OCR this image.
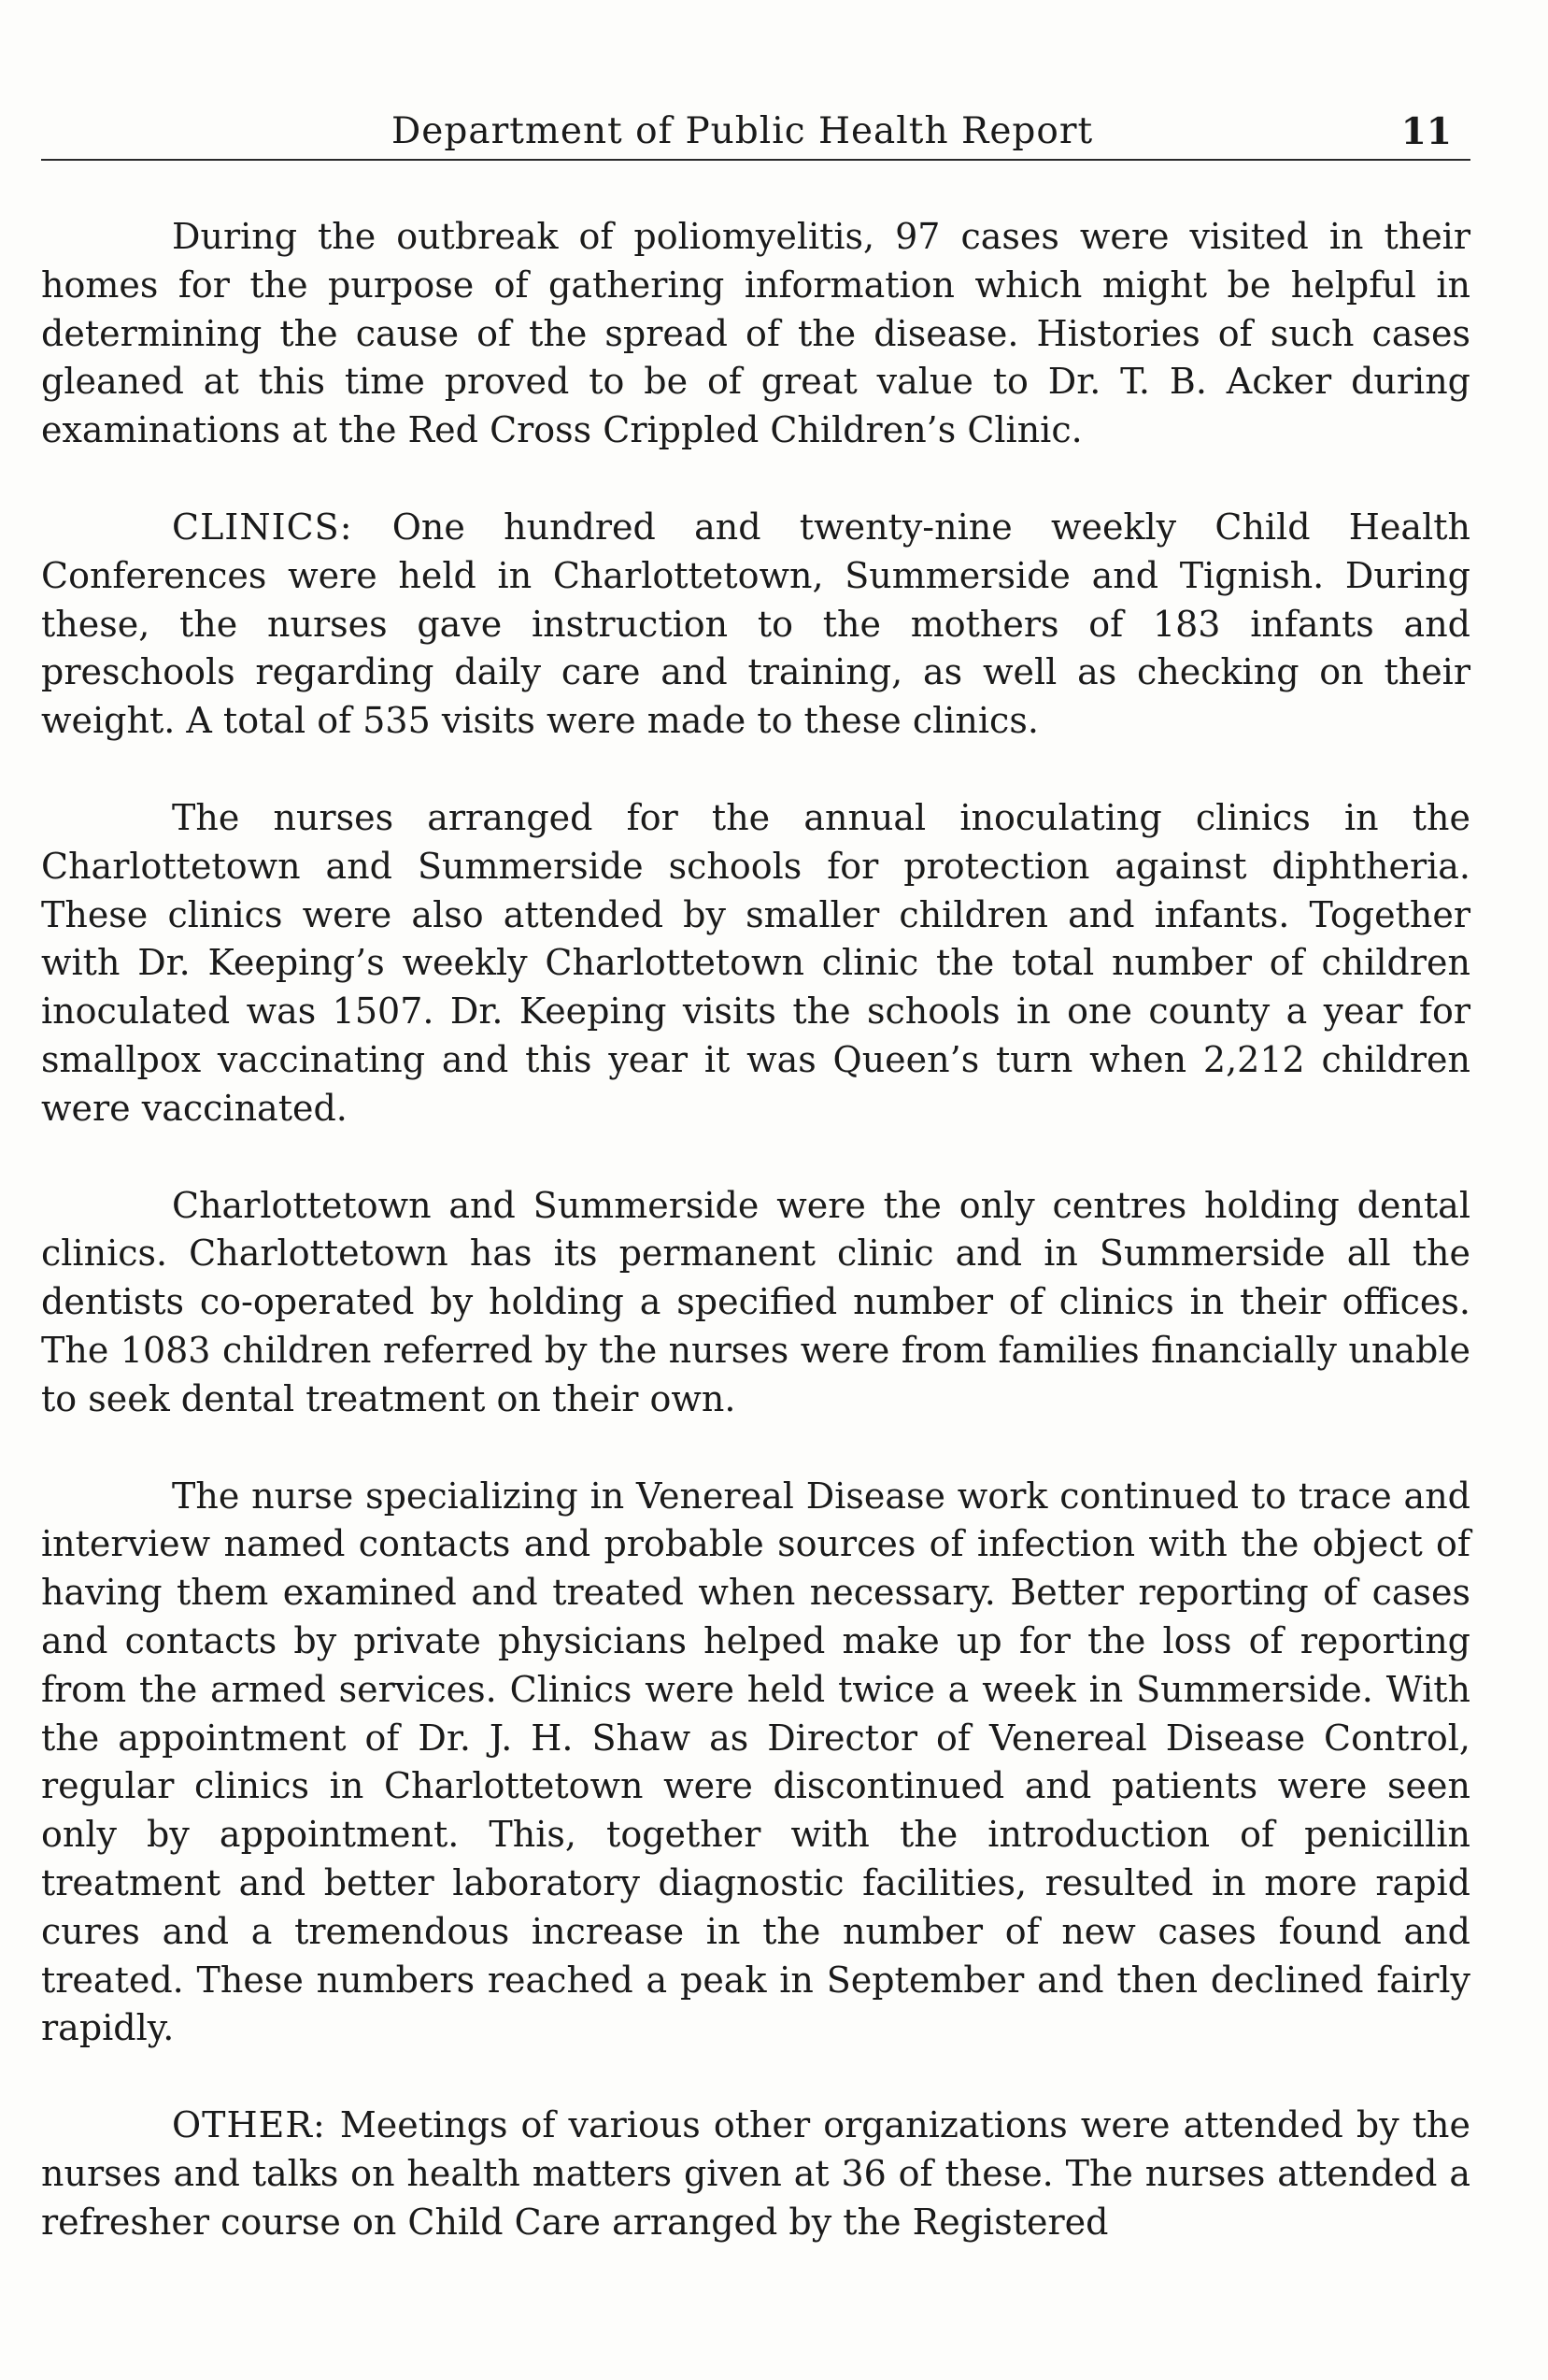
Department of Public Health Report	11

During the outbreak of poliomyelitis, 97 cases were visited in their homes for the purpose of gathering information which might be helpful in determining the cause of the spread of the disease. Histories of such cases gleaned at this time proved to be of great value to Dr. T. B. Acker during examinations at the Red Cross Crippled Children’s Clinic.

CLINICS: One hundred and twenty-nine weekly Child Health Conferences were held in Charlottetown, Summerside and Tignish. During these, the nurses gave instruction to the mothers of 183 infants and preschools regarding daily care and training, as well as checking on their weight. A total of 535 visits were made to these clinics.

The nurses arranged for the annual inoculating clinics in the Charlottetown and Summerside schools for protection against diphtheria. These clinics were also attended by smaller children and infants. Together with Dr. Keeping’s weekly Charlottetown clinic the total number of children inoculated was 1507. Dr. Keeping visits the schools in one county a year for smallpox vaccinating and this year it was Queen’s turn when 2,212 children were vaccinated.

Charlottetown and Summerside were the only centres holding dental clinics. Charlottetown has its permanent clinic and in Summerside all the dentists co-operated by holding a specified number of clinics in their offices. The 1083 children referred by the nurses were from families financially unable to seek dental treatment on their own.

The nurse specializing in Venereal Disease work continued to trace and interview named contacts and probable sources of infection with the object of having them examined and treated when necessary. Better reporting of cases and contacts by private physicians helped make up for the loss of reporting from the armed services. Clinics were held twice a week in Summerside. With the appointment of Dr. J. H. Shaw as Director of Venereal Disease Control, regular clinics in Charlottetown were discontinued and patients were seen only by appointment. This, together with the introduction of penicillin treatment and better laboratory diagnostic facilities, resulted in more rapid cures and a tremendous increase in the number of new cases found and treated. These numbers reached a peak in September and then declined fairly rapidly.

OTHER: Meetings of various other organizations were attended by the nurses and talks on health matters given at 36 of these. The nurses attended a refresher course on Child Care arranged by the Registered
